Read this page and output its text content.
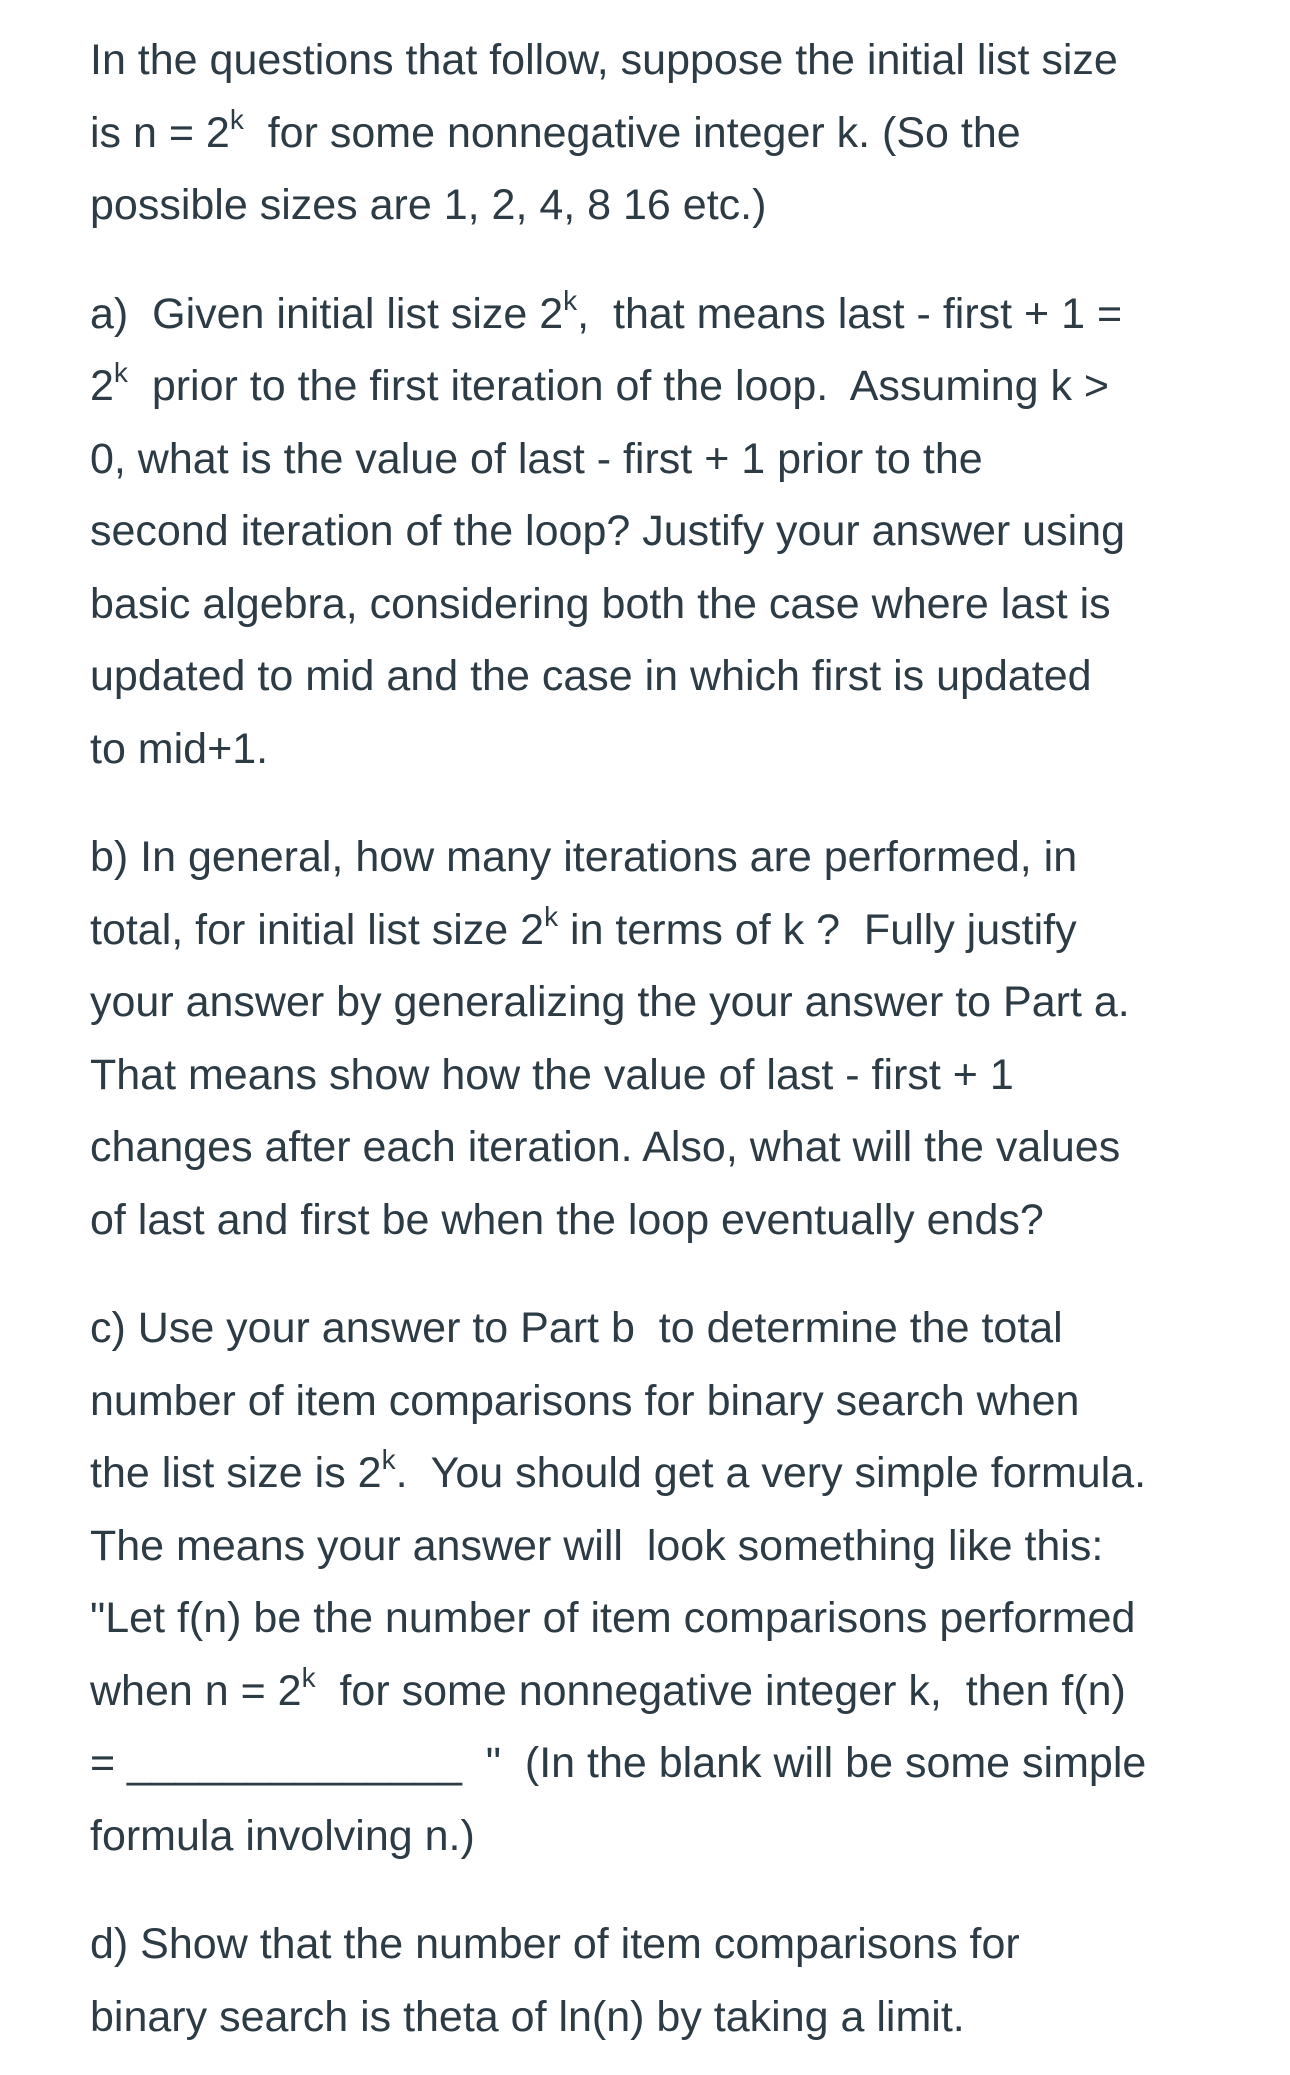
In the questions that follow, suppose the initial list size
is $n = 2^k$  for some nonnegative integer k. (So the
possible sizes are 1, 2, 4, 8 16 etc.)
a)  Given initial list size 2$^k$,  that means last - first + 1 =
$2^k$  prior to the first iteration of the loop.  Assuming k >
0, what is the value of last - first + 1 prior to the
second iteration of the loop? Justify your answer using
basic algebra, considering both the case where last is
updated to mid and the case in which first is updated
to mid+1.
b) In general, how many iterations are performed, in
total, for initial list size 2$^k$ in terms of k ?  Fully justify
your answer by generalizing the your answer to Part a.
That means show how the value of last - first + 1
changes after each iteration. Also, what will the values
of last and first be when the loop eventually ends?
c) Use your answer to Part b  to determine the total
number of item comparisons for binary search when
the list size is 2$^k$.  You should get a very simple formula.
The means your answer will  look something like this:
"Let f(n) be the number of item comparisons performed
when $n = 2^k$  for some nonnegative integer k,  then f(n)
= ______________  "  (In the blank will be some simple
formula involving n.)
d) Show that the number of item comparisons for
binary search is theta of ln(n) by taking a limit.
